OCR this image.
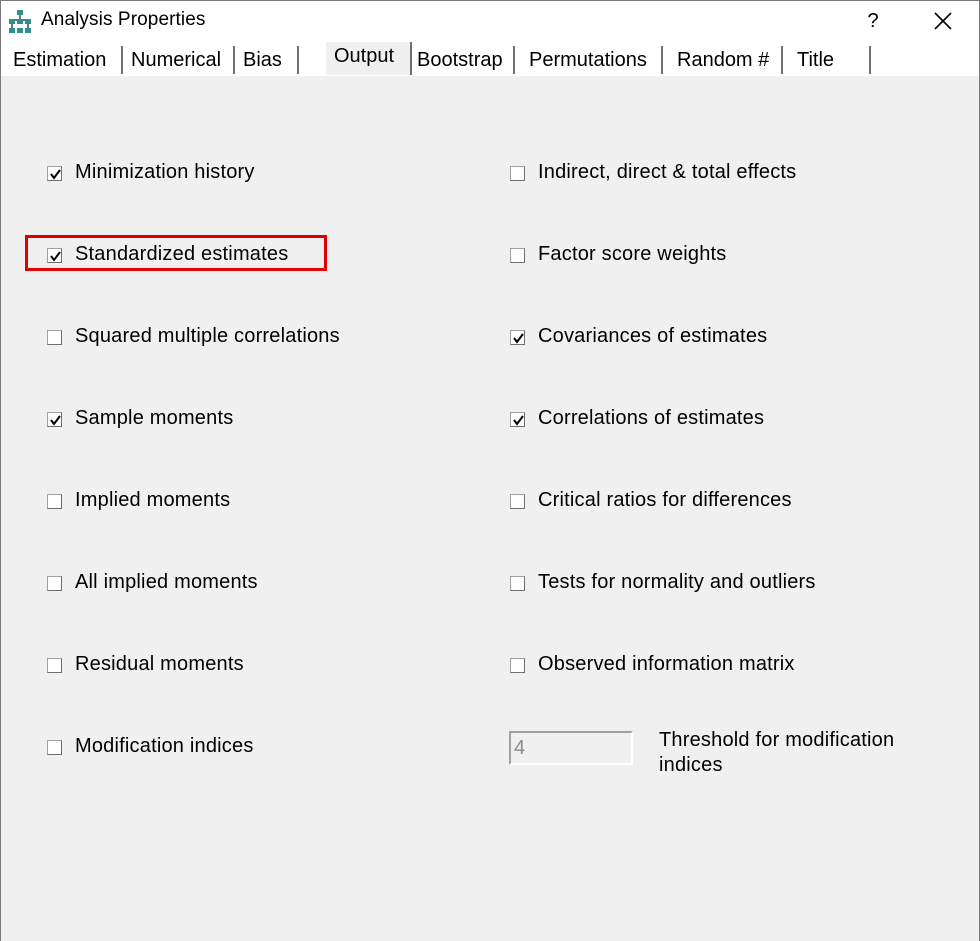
Analysis Properties	?
Estimation	Numerical	Bias	Output	Bootstrap	Permutations	Random #	Title
Minimization history
Standardized estimates
Squared multiple correlations
Sample moments
Implied moments
All implied moments
Residual moments
Modification indices
Indirect, direct & total effects
Factor score weights
Covariances of estimates
Correlations of estimates
Critical ratios for differences
Tests for normality and outliers
Observed information matrix
4
Threshold for modification indices
